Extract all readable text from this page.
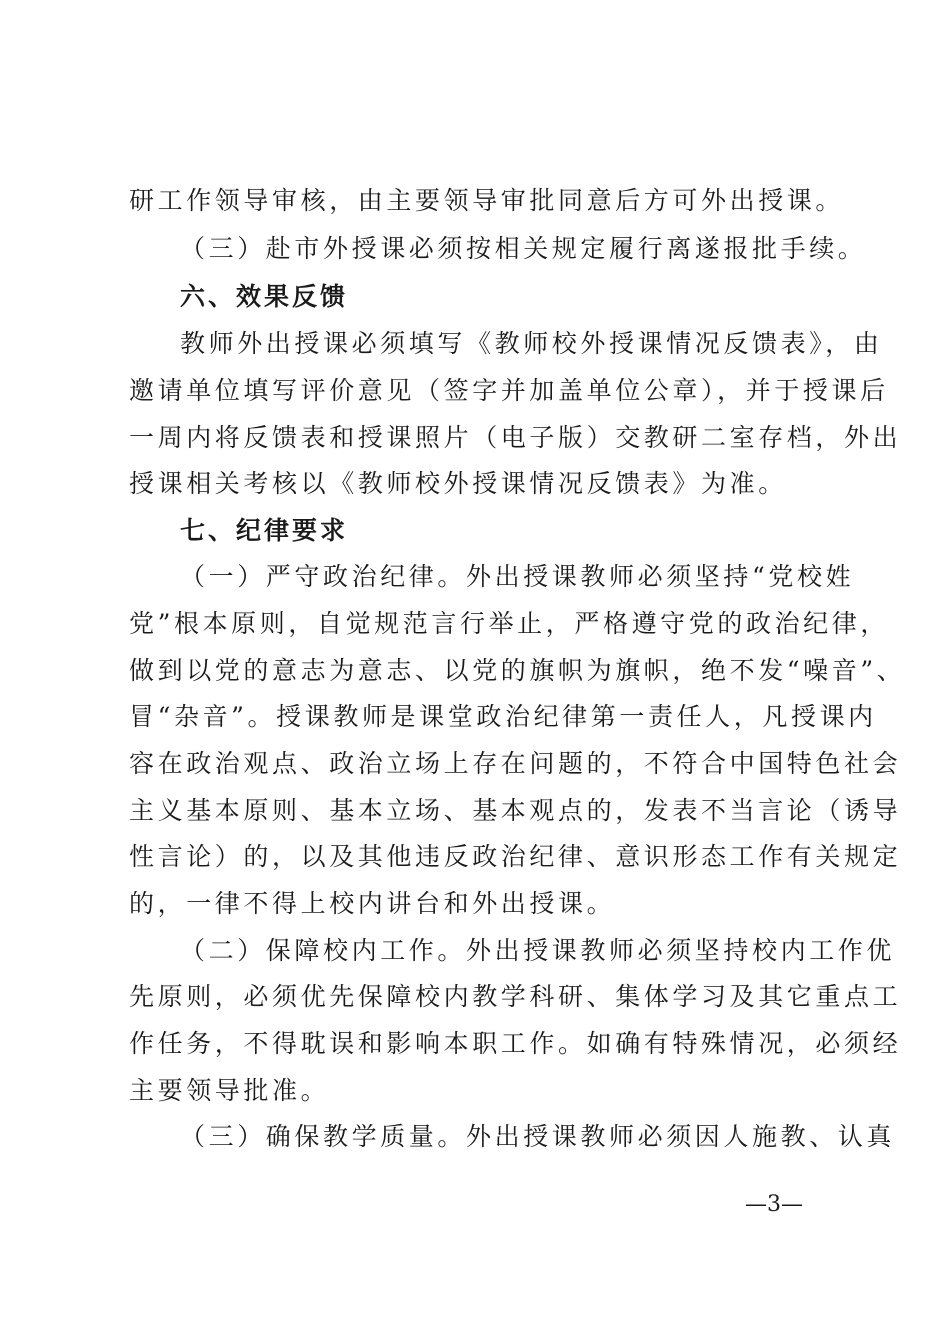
研工作领导审核，由主要领导审批同意后方可外出授课。
（三）赴市外授课必须按相关规定履行离遂报批手续。
六、效果反馈
教师外出授课必须填写《教师校外授课情况反馈表》，由
邀请单位填写评价意见（签字并加盖单位公章），并于授课后
一周内将反馈表和授课照片（电子版）交教研二室存档，外出
授课相关考核以《教师校外授课情况反馈表》为准。
七、纪律要求
（一）严守政治纪律。外出授课教师必须坚持“党校姓
党”根本原则，自觉规范言行举止，严格遵守党的政治纪律，
做到以党的意志为意志、以党的旗帜为旗帜，绝不发“噪音”、
冒“杂音”。授课教师是课堂政治纪律第一责任人，凡授课内
容在政治观点、政治立场上存在问题的，不符合中国特色社会
主义基本原则、基本立场、基本观点的，发表不当言论（诱导
性言论）的，以及其他违反政治纪律、意识形态工作有关规定
的，一律不得上校内讲台和外出授课。
（二）保障校内工作。外出授课教师必须坚持校内工作优
先原则，必须优先保障校内教学科研、集体学习及其它重点工
作任务，不得耽误和影响本职工作。如确有特殊情况，必须经
主要领导批准。
（三）确保教学质量。外出授课教师必须因人施教、认真
—3—
